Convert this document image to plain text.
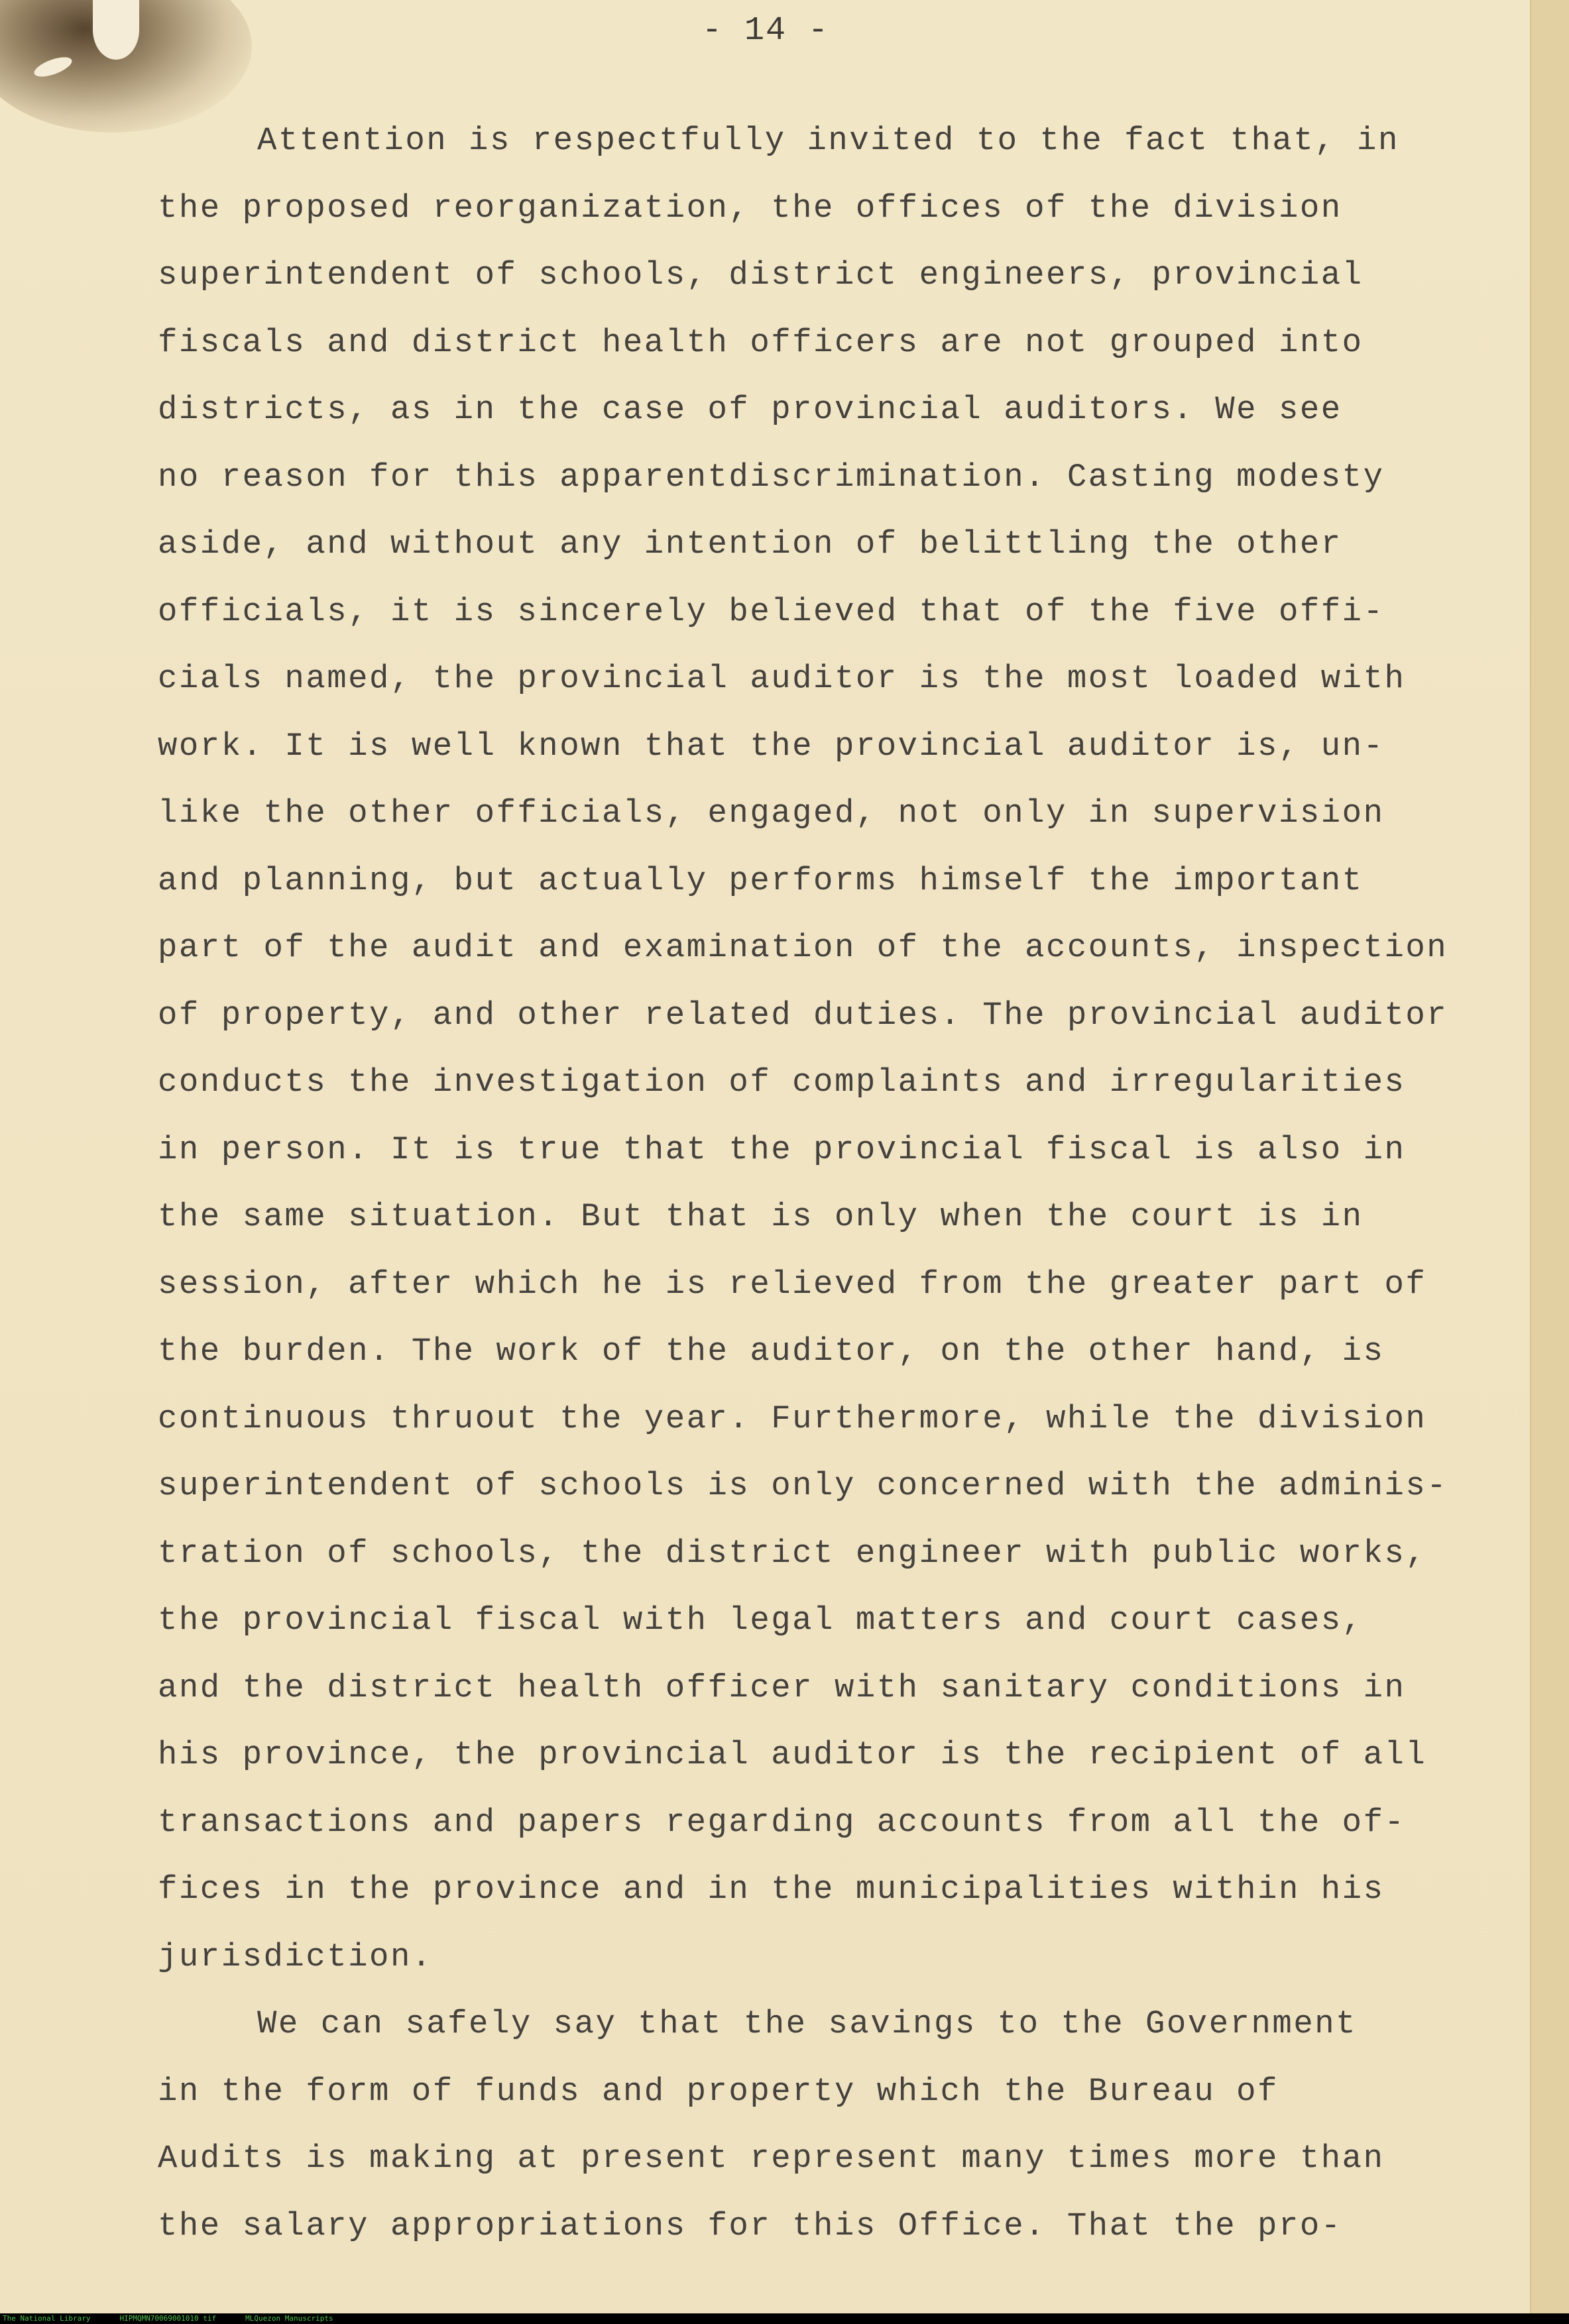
- 14 -
Attention is respectfully invited to the fact that, in
the proposed reorganization, the offices of the division
superintendent of schools, district engineers, provincial
fiscals and district health officers are not grouped into
districts, as in the case of provincial auditors. We see
no reason for this apparentdiscrimination. Casting modesty
aside, and without any intention of belittling the other
officials, it is sincerely believed that of the five offi-
cials named, the provincial auditor is the most loaded with
work. It is well known that the provincial auditor is, un-
like the other officials, engaged, not only in supervision
and planning, but actually performs himself the important
part of the audit and examination of the accounts, inspection
of property, and other related duties. The provincial auditor
conducts the investigation of complaints and irregularities
in person. It is true that the provincial fiscal is also in
the same situation. But that is only when the court is in
session, after which he is relieved from the greater part of
the burden. The work of the auditor, on the other hand, is
continuous thruout the year. Furthermore, while the division
superintendent of schools is only concerned with the adminis-
tration of schools, the district engineer with public works,
the provincial fiscal with legal matters and court cases,
and the district health officer with sanitary conditions in
his province, the provincial auditor is the recipient of all
transactions and papers regarding accounts from all the of-
fices in the province and in the municipalities within his
jurisdiction.
We can safely say that the savings to the Government
in the form of funds and property which the Bureau of
Audits is making at present represent many times more than
the salary appropriations for this Office. That the pro-
The National Library	HIPMQMN70069001010 tif	MLQuezon Manuscripts
